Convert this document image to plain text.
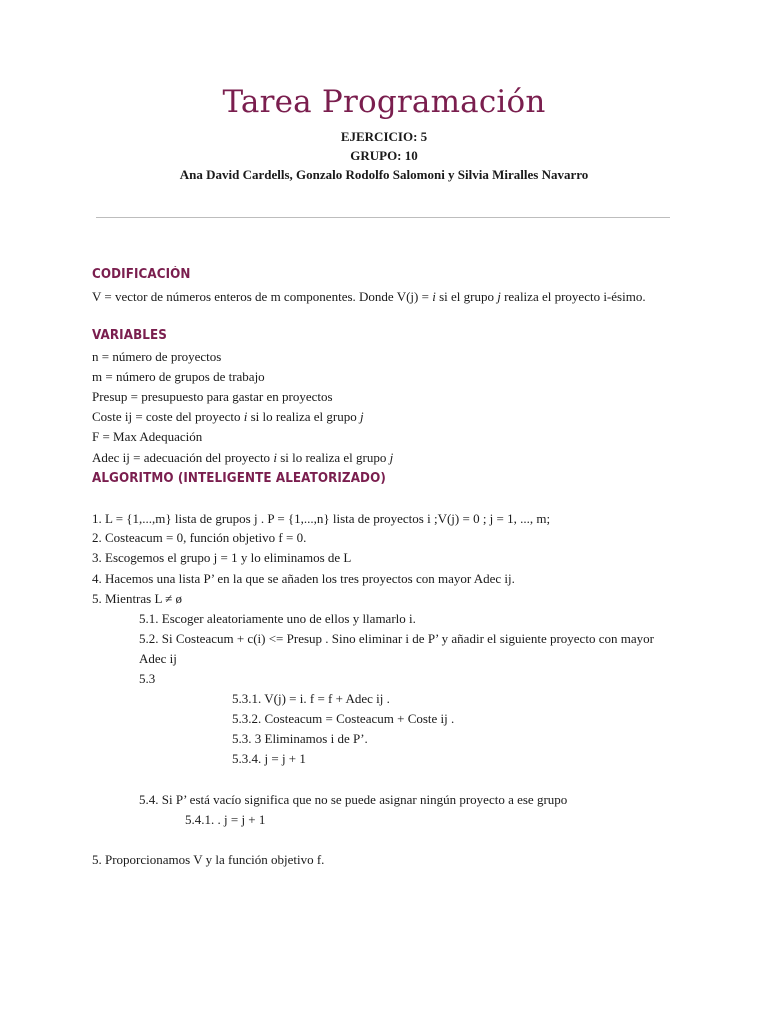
Tarea Programación
EJERCICIO: 5
GRUPO: 10
Ana David Cardells, Gonzalo Rodolfo Salomoni y Silvia Miralles Navarro
CODIFICACIÓN
V = vector de números enteros de m componentes. Donde V(j) = i si el grupo j realiza el proyecto i-ésimo.
VARIABLES
n = número de proyectos
m = número de grupos de trabajo
Presup = presupuesto para gastar en proyectos
Coste ij = coste del proyecto i si lo realiza el grupo j
F = Max Adequación
Adec ij = adecuación del proyecto i si lo realiza el grupo j
ALGORITMO (INTELIGENTE ALEATORIZADO)
1. L = {1,...,m} lista de grupos j . P = {1,...,n} lista de proyectos i ;V(j) = 0 ; j = 1, ..., m;
2. Costeacum = 0, función objetivo f = 0.
3. Escogemos el grupo j = 1 y lo eliminamos de L
4. Hacemos una lista P’ en la que se añaden los tres proyectos con mayor Adec ij.
5. Mientras L ≠ ø
5.1. Escoger aleatoriamente uno de ellos y llamarlo i.
5.2. Si Costeacum + c(i) <= Presup . Sino eliminar i de P’ y añadir el siguiente proyecto con mayor
Adec ij
5.3
5.3.1. V(j) = i. f = f + Adec ij .
5.3.2. Costeacum = Costeacum + Coste ij .
5.3. 3 Eliminamos i de P’.
5.3.4. j = j + 1
5.4. Si P’ está vacío significa que no se puede asignar ningún proyecto a ese grupo
5.4.1. . j = j + 1
5. Proporcionamos V y la función objetivo f.
